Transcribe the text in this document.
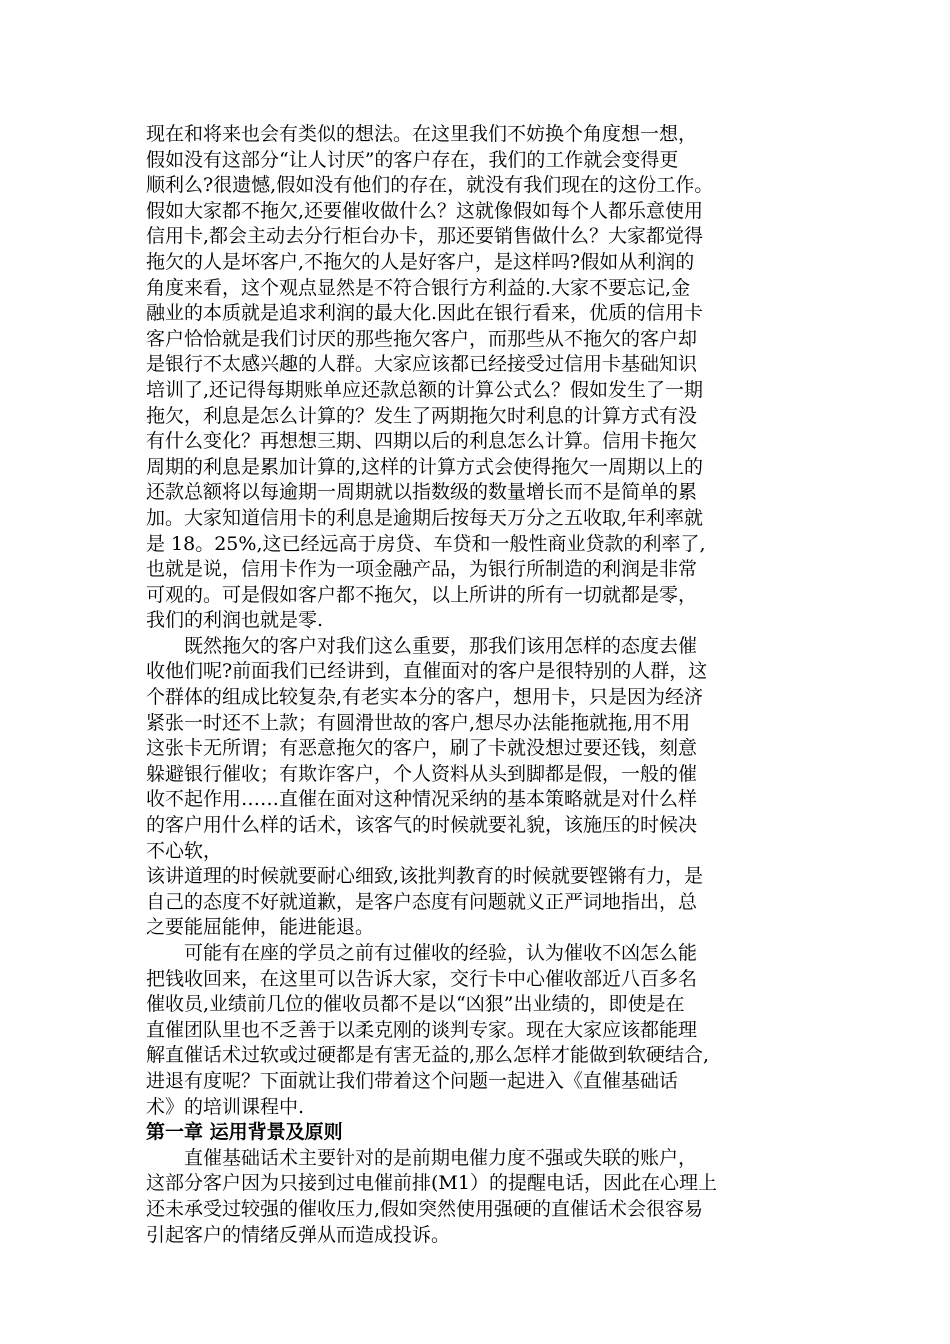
现在和将来也会有类似的想法。在这里我们不妨换个角度想一想，
假如没有这部分“让人讨厌”的客户存在，我们的工作就会变得更
顺利么?很遗憾,假如没有他们的存在，就没有我们现在的这份工作。
假如大家都不拖欠,还要催收做什么？这就像假如每个人都乐意使用
信用卡,都会主动去分行柜台办卡，那还要销售做什么？大家都觉得
拖欠的人是坏客户,不拖欠的人是好客户，是这样吗?假如从利润的
角度来看，这个观点显然是不符合银行方利益的.大家不要忘记,金
融业的本质就是追求利润的最大化.因此在银行看来，优质的信用卡
客户恰恰就是我们讨厌的那些拖欠客户，而那些从不拖欠的客户却
是银行不太感兴趣的人群。大家应该都已经接受过信用卡基础知识
培训了,还记得每期账单应还款总额的计算公式么？假如发生了一期
拖欠，利息是怎么计算的？发生了两期拖欠时利息的计算方式有没
有什么变化？再想想三期、四期以后的利息怎么计算。信用卡拖欠
周期的利息是累加计算的,这样的计算方式会使得拖欠一周期以上的
还款总额将以每逾期一周期就以指数级的数量增长而不是简单的累
加。大家知道信用卡的利息是逾期后按每天万分之五收取,年利率就
是 18。25%,这已经远高于房贷、车贷和一般性商业贷款的利率了,
也就是说，信用卡作为一项金融产品，为银行所制造的利润是非常
可观的。可是假如客户都不拖欠，以上所讲的所有一切就都是零，
我们的利润也就是零.
　　既然拖欠的客户对我们这么重要，那我们该用怎样的态度去催
收他们呢?前面我们已经讲到，直催面对的客户是很特别的人群，这
个群体的组成比较复杂,有老实本分的客户，想用卡，只是因为经济
紧张一时还不上款；有圆滑世故的客户,想尽办法能拖就拖,用不用
这张卡无所谓；有恶意拖欠的客户，刷了卡就没想过要还钱，刻意
躲避银行催收；有欺诈客户，个人资料从头到脚都是假，一般的催
收不起作用……直催在面对这种情况采纳的基本策略就是对什么样
的客户用什么样的话术，该客气的时候就要礼貌，该施压的时候决
不心软，
该讲道理的时候就要耐心细致,该批判教育的时候就要铿锵有力，是
自己的态度不好就道歉，是客户态度有问题就义正严词地指出，总
之要能屈能伸，能进能退。
　　可能有在座的学员之前有过催收的经验，认为催收不凶怎么能
把钱收回来，在这里可以告诉大家，交行卡中心催收部近八百多名
催收员,业绩前几位的催收员都不是以“凶狠”出业绩的，即使是在
直催团队里也不乏善于以柔克刚的谈判专家。现在大家应该都能理
解直催话术过软或过硬都是有害无益的,那么怎样才能做到软硬结合,
进退有度呢？下面就让我们带着这个问题一起进入《直催基础话
术》的培训课程中.
第一章 运用背景及原则
　　直催基础话术主要针对的是前期电催力度不强或失联的账户，
这部分客户因为只接到过电催前排(M1）的提醒电话，因此在心理上
还未承受过较强的催收压力,假如突然使用强硬的直催话术会很容易
引起客户的情绪反弹从而造成投诉。
